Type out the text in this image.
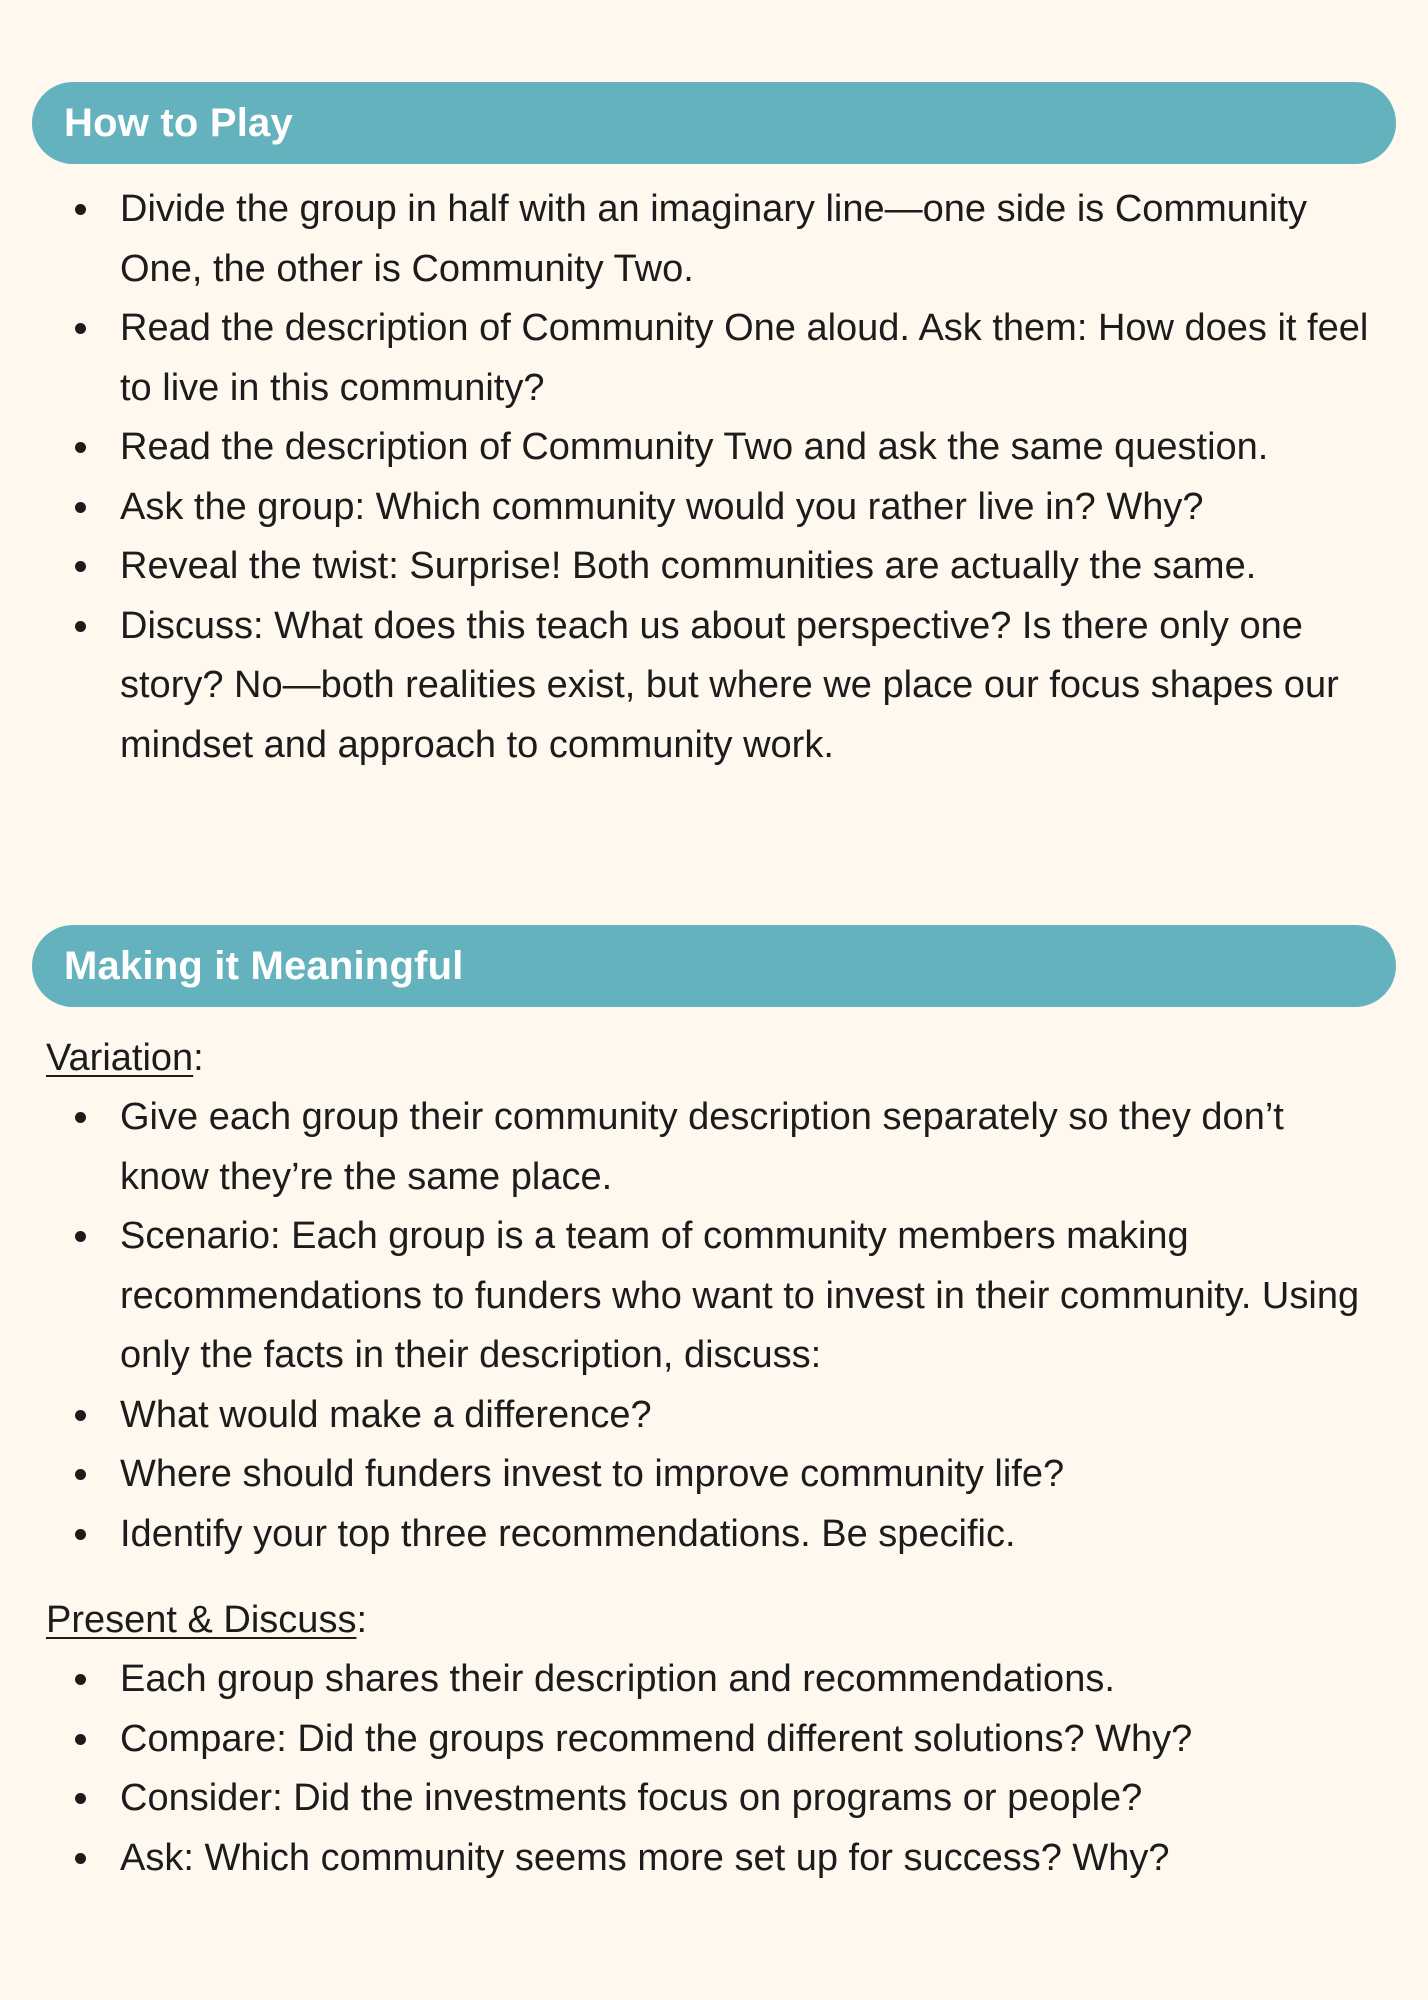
How to Play
Divide the group in half with an imaginary line—one side is Community One, the other is Community Two.
Read the description of Community One aloud. Ask them: How does it feel to live in this community?
Read the description of Community Two and ask the same question.
Ask the group: Which community would you rather live in? Why?
Reveal the twist: Surprise! Both communities are actually the same.
Discuss: What does this teach us about perspective? Is there only one story? No—both realities exist, but where we place our focus shapes our mindset and approach to community work.
Making it Meaningful

Variation:

Give each group their community description separately so they don’t know they’re the same place.
Scenario: Each group is a team of community members making recommendations to funders who want to invest in their community. Using only the facts in their description, discuss:
What would make a difference?
Where should funders invest to improve community life?
Identify your top three recommendations. Be specific.

Present & Discuss:

Each group shares their description and recommendations.
Compare: Did the groups recommend different solutions? Why?
Consider: Did the investments focus on programs or people?
Ask: Which community seems more set up for success? Why?
